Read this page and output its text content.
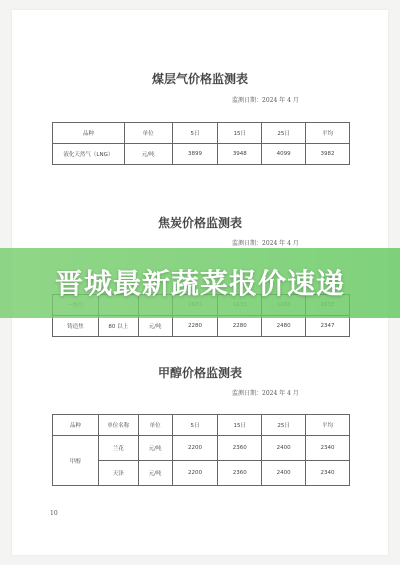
煤层气价格监测表
监测日期：2024 年 4 月
品种	单位	5日	15日	25日	平均
液化天然气（LNG）	元/吨	3899	3948	4099	3982
焦炭价格监测表
监测日期：2024 年 4 月

铸造焦	80 以上	元/吨	2280	2280	2480	2347
晋城最新蔬菜报价速递
甲醇价格监测表
监测日期：2024 年 4 月
品种	单位名称	单位	5日	15日	25日	平均
甲醇	兰花	元/吨	2200	2360	2400	2340
	天泽	元/吨	2200	2360	2400	2340
10
